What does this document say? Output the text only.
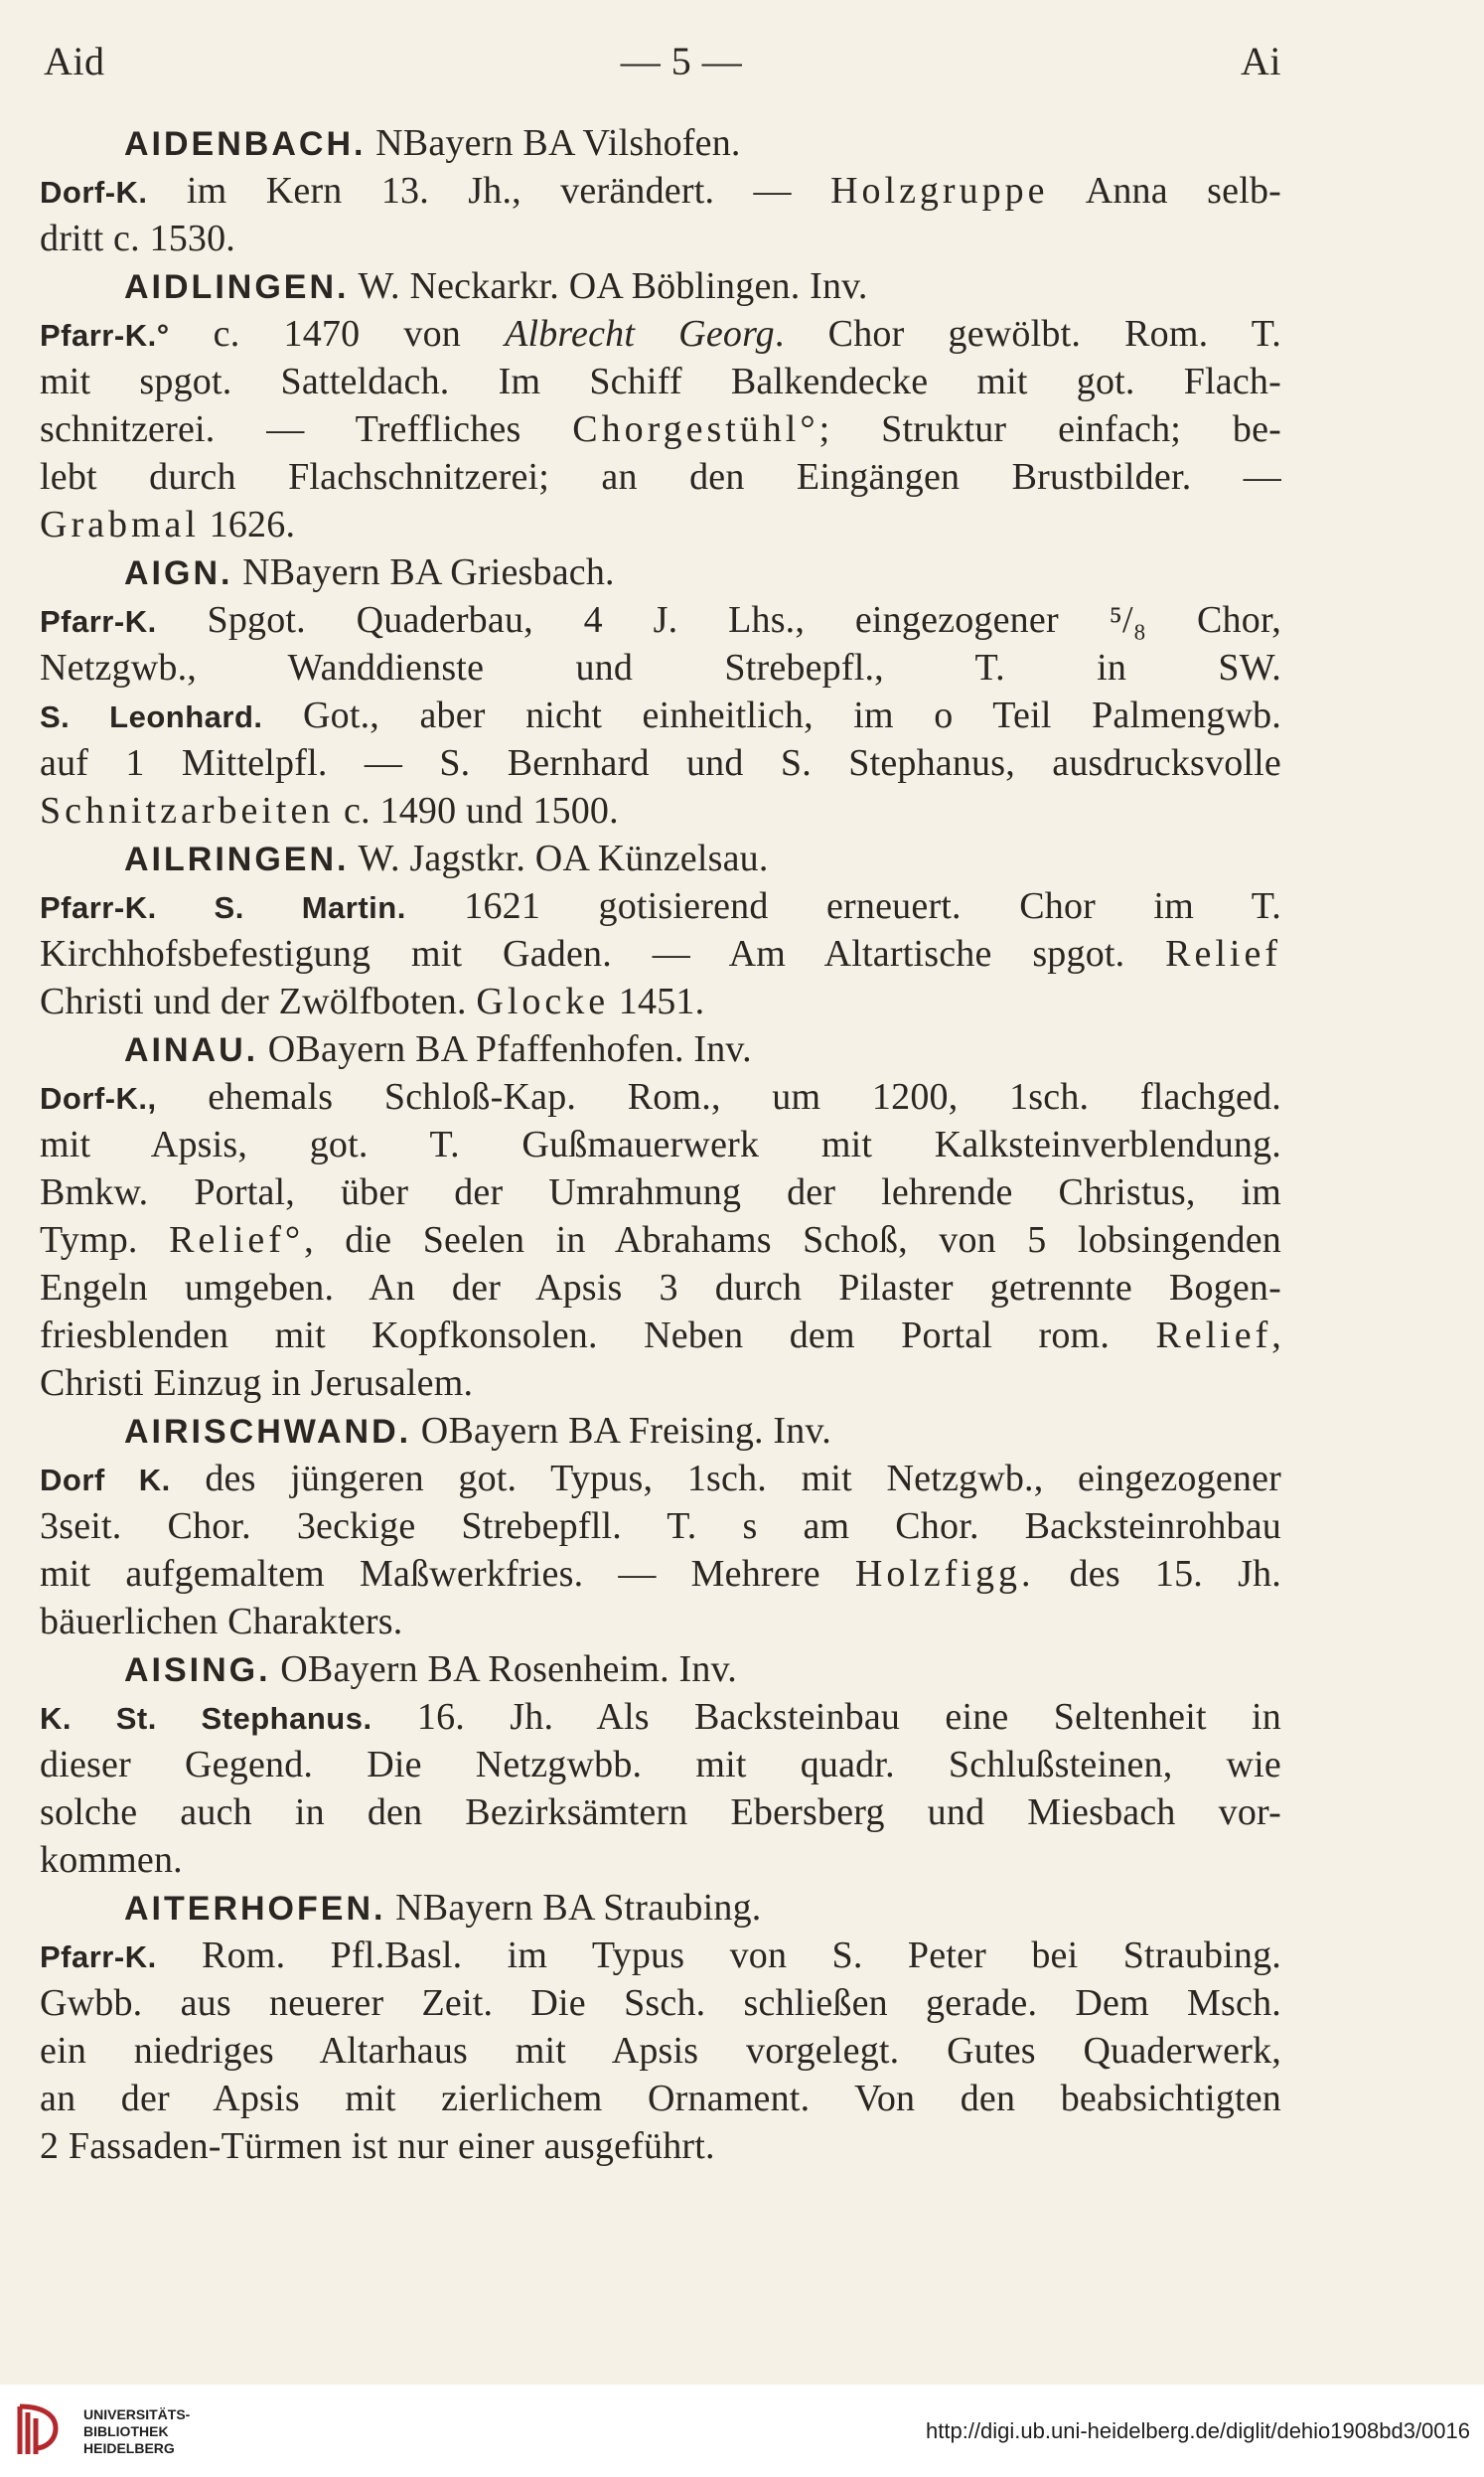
Aid	— 5 —	Ai
AIDENBACH. NBayern BA Vilshofen.
Dorf-K. im Kern 13. Jh., verändert. — Holzgruppe Anna selb-
dritt c. 1530.
AIDLINGEN. W. Neckarkr. OA Böblingen. Inv.
Pfarr-K.° c. 1470 von Albrecht Georg. Chor gewölbt. Rom. T.
mit spgot. Satteldach. Im Schiff Balkendecke mit got. Flach-
schnitzerei. — Treffliches Chorgestühl°; Struktur einfach; be-
lebt durch Flachschnitzerei; an den Eingängen Brustbilder. —
Grabmal 1626.
AIGN. NBayern BA Griesbach.
Pfarr-K. Spgot. Quaderbau, 4 J. Lhs., eingezogener ⁵/₈ Chor,
Netzgwb., Wanddienste und Strebepfl., T. in SW.
S. Leonhard. Got., aber nicht einheitlich, im o Teil Palmengwb.
auf 1 Mittelpfl. — S. Bernhard und S. Stephanus, ausdrucksvolle
Schnitzarbeiten c. 1490 und 1500.
AILRINGEN. W. Jagstkr. OA Künzelsau.
Pfarr-K. S. Martin. 1621 gotisierend erneuert. Chor im T.
Kirchhofsbefestigung mit Gaden. — Am Altartische spgot. Relief
Christi und der Zwölfboten. Glocke 1451.
AINAU. OBayern BA Pfaffenhofen. Inv.
Dorf-K., ehemals Schloß-Kap. Rom., um 1200, 1sch. flachged.
mit Apsis, got. T. Gußmauerwerk mit Kalksteinverblendung.
Bmkw. Portal, über der Umrahmung der lehrende Christus, im
Tymp. Relief°, die Seelen in Abrahams Schoß, von 5 lobsingenden
Engeln umgeben. An der Apsis 3 durch Pilaster getrennte Bogen-
friesblenden mit Kopfkonsolen. Neben dem Portal rom. Relief,
Christi Einzug in Jerusalem.
AIRISCHWAND. OBayern BA Freising. Inv.
Dorf K. des jüngeren got. Typus, 1sch. mit Netzgwb., eingezogener
3seit. Chor. 3eckige Strebepfll. T. s am Chor. Backsteinrohbau
mit aufgemaltem Maßwerkfries. — Mehrere Holzfigg. des 15. Jh.
bäuerlichen Charakters.
AISING. OBayern BA Rosenheim. Inv.
K. St. Stephanus. 16. Jh. Als Backsteinbau eine Seltenheit in
dieser Gegend. Die Netzgwbb. mit quadr. Schlußsteinen, wie
solche auch in den Bezirksämtern Ebersberg und Miesbach vor-
kommen.
AITERHOFEN. NBayern BA Straubing.
Pfarr-K. Rom. Pfl.Basl. im Typus von S. Peter bei Straubing.
Gwbb. aus neuerer Zeit. Die Ssch. schließen gerade. Dem Msch.
ein niedriges Altarhaus mit Apsis vorgelegt. Gutes Quaderwerk,
an der Apsis mit zierlichem Ornament. Von den beabsichtigten
2 Fassaden-Türmen ist nur einer ausgeführt.
UNIVERSITÄTS-
BIBLIOTHEK
HEIDELBERG
http://digi.ub.uni-heidelberg.de/diglit/dehio1908bd3/0016
